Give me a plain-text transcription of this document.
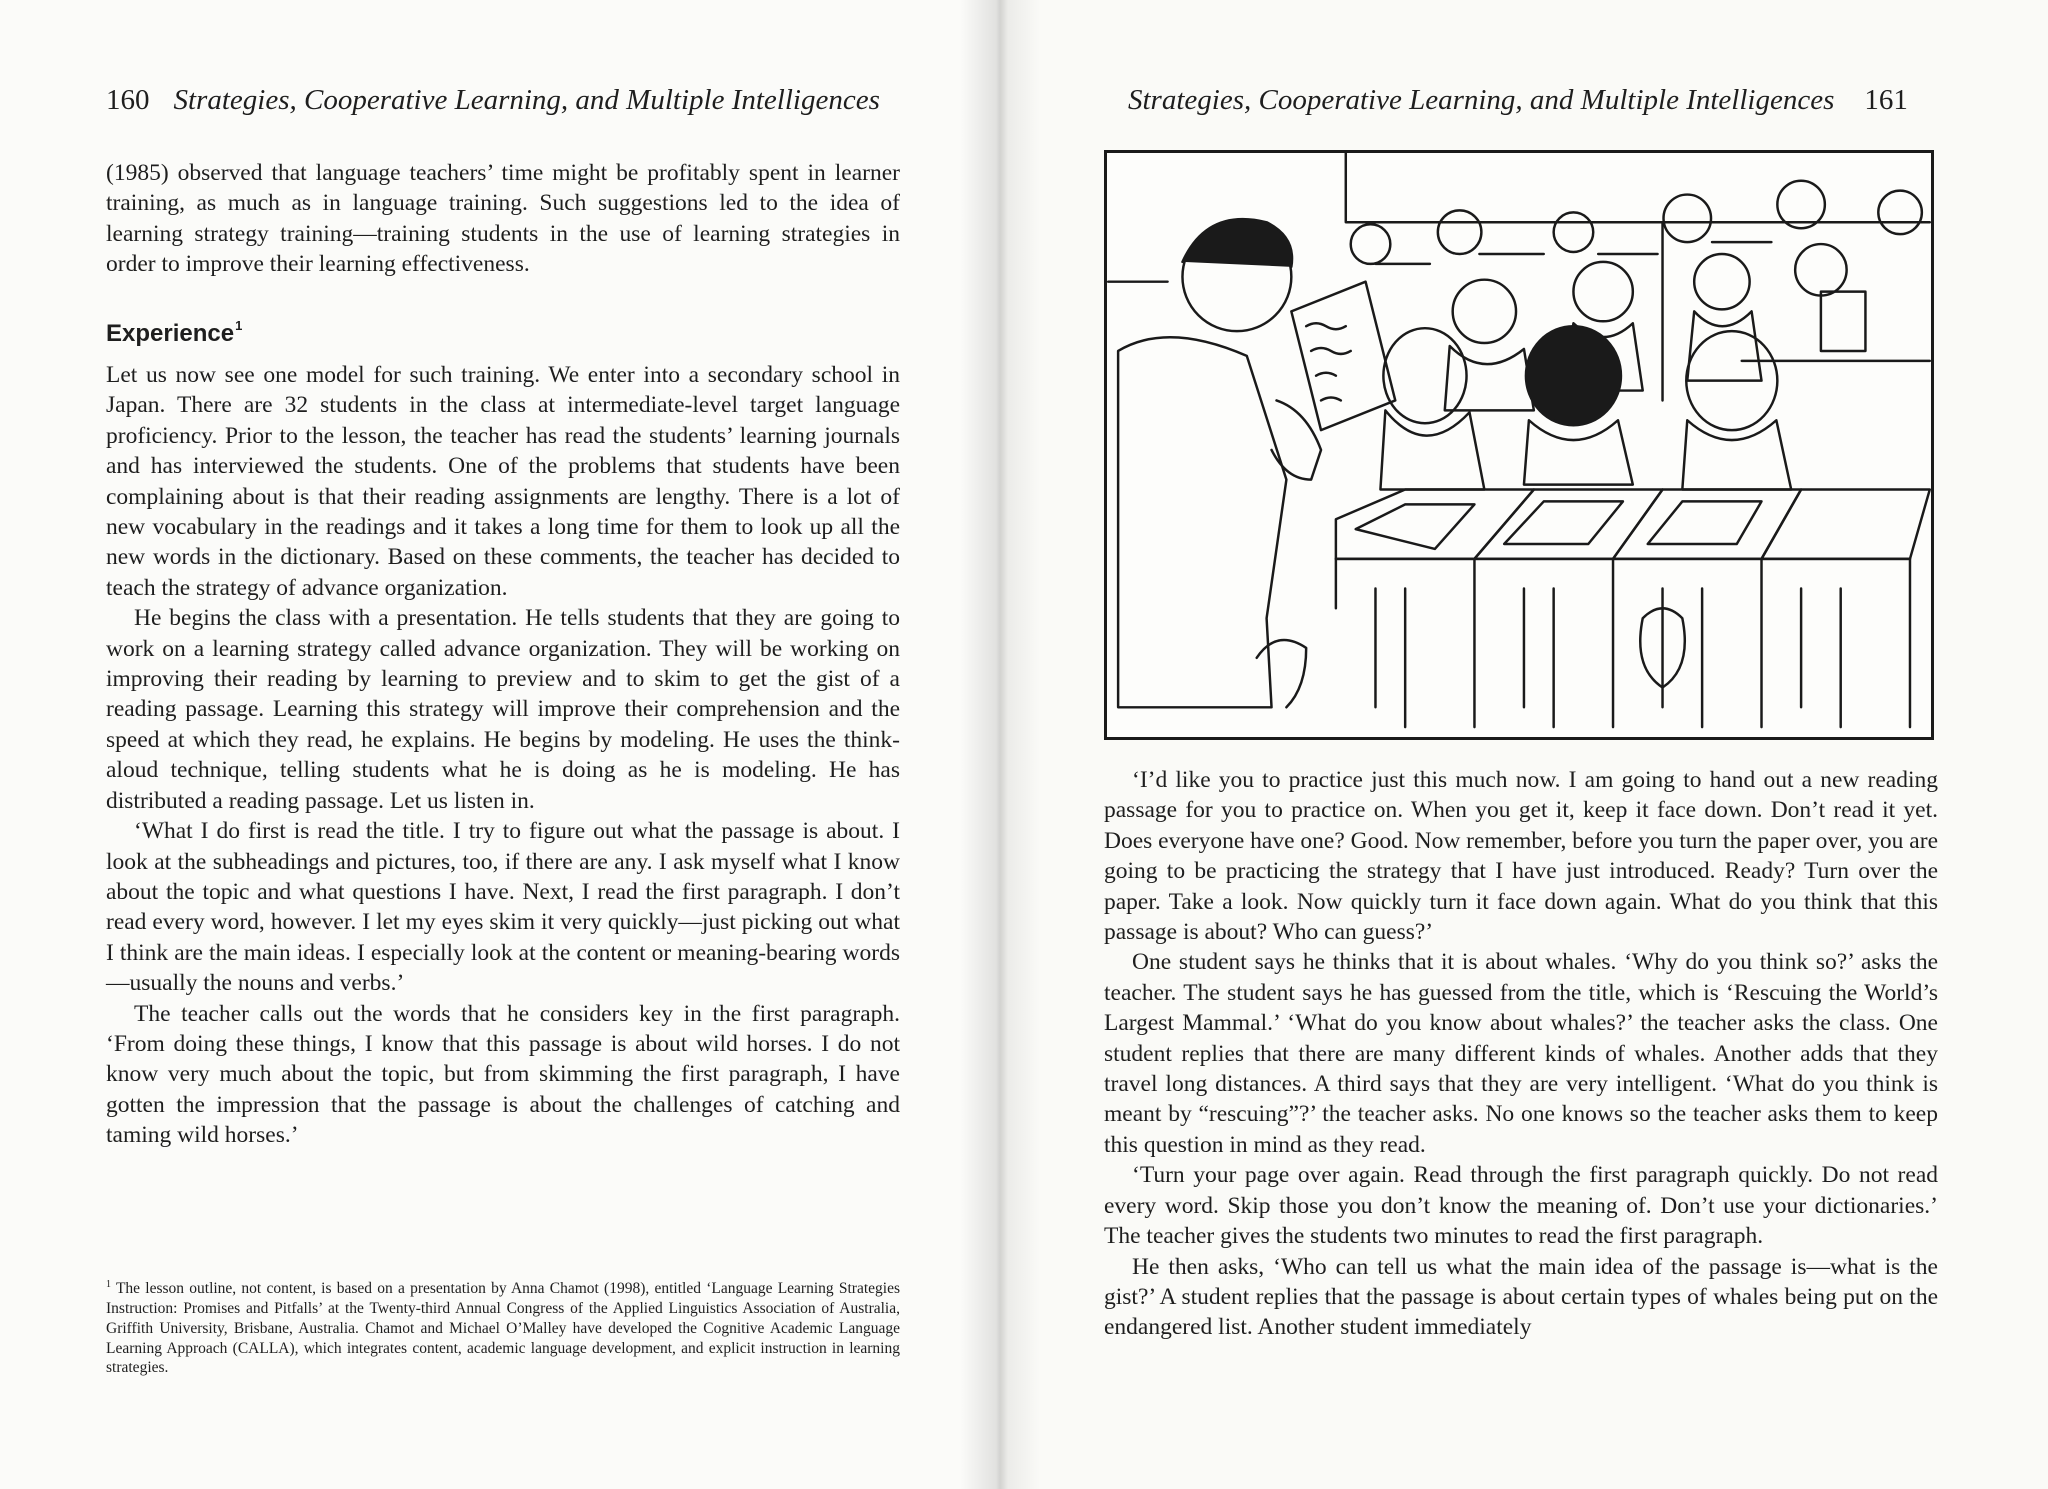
160 Strategies, Cooperative Learning, and Multiple Intelligences

(1985) observed that language teachers’ time might be profitably spent in learner training, as much as in language training. Such suggestions led to the idea of learning strategy training—training students in the use of learning strategies in order to improve their learning effectiveness.

Experience$^1$

Let us now see one model for such training. We enter into a secondary school in Japan. There are 32 students in the class at intermediate-level target language proficiency. Prior to the lesson, the teacher has read the students’ learning journals and has interviewed the students. One of the problems that students have been complaining about is that their reading assignments are lengthy. There is a lot of new vocabulary in the readings and it takes a long time for them to look up all the new words in the dictionary. Based on these comments, the teacher has decided to teach the strategy of advance organization.

He begins the class with a presentation. He tells students that they are going to work on a learning strategy called advance organization. They will be working on improving their reading by learning to preview and to skim to get the gist of a reading passage. Learning this strategy will improve their comprehension and the speed at which they read, he explains. He begins by modeling. He uses the think-aloud technique, telling students what he is doing as he is modeling. He has distributed a reading passage. Let us listen in.

‘What I do first is read the title. I try to figure out what the passage is about. I look at the subheadings and pictures, too, if there are any. I ask myself what I know about the topic and what questions I have. Next, I read the first paragraph. I don’t read every word, however. I let my eyes skim it very quickly—just picking out what I think are the main ideas. I especially look at the content or meaning-bearing words—usually the nouns and verbs.’

The teacher calls out the words that he considers key in the first paragraph. ‘From doing these things, I know that this passage is about wild horses. I do not know very much about the topic, but from skimming the first paragraph, I have gotten the impression that the passage is about the challenges of catching and taming wild horses.’

$^1$ The lesson outline, not content, is based on a presentation by Anna Chamot (1998), entitled ‘Language Learning Strategies Instruction: Promises and Pitfalls’ at the Twenty-third Annual Congress of the Applied Linguistics Association of Australia, Griffith University, Brisbane, Australia. Chamot and Michael O’Malley have developed the Cognitive Academic Language Learning Approach (CALLA), which integrates content, academic language development, and explicit instruction in learning strategies.
Strategies, Cooperative Learning, and Multiple Intelligences 161

‘I’d like you to practice just this much now. I am going to hand out a new reading passage for you to practice on. When you get it, keep it face down. Don’t read it yet. Does everyone have one? Good. Now remember, before you turn the paper over, you are going to be practicing the strategy that I have just introduced. Ready? Turn over the paper. Take a look. Now quickly turn it face down again. What do you think that this passage is about? Who can guess?’

One student says he thinks that it is about whales. ‘Why do you think so?’ asks the teacher. The student says he has guessed from the title, which is ‘Rescuing the World’s Largest Mammal.’ ‘What do you know about whales?’ the teacher asks the class. One student replies that there are many different kinds of whales. Another adds that they travel long distances. A third says that they are very intelligent. ‘What do you think is meant by “rescuing”?’ the teacher asks. No one knows so the teacher asks them to keep this question in mind as they read.

‘Turn your page over again. Read through the first paragraph quickly. Do not read every word. Skip those you don’t know the meaning of. Don’t use your dictionaries.’ The teacher gives the students two minutes to read the first paragraph.

He then asks, ‘Who can tell us what the main idea of the passage is—what is the gist?’ A student replies that the passage is about certain types of whales being put on the endangered list. Another student immediately
